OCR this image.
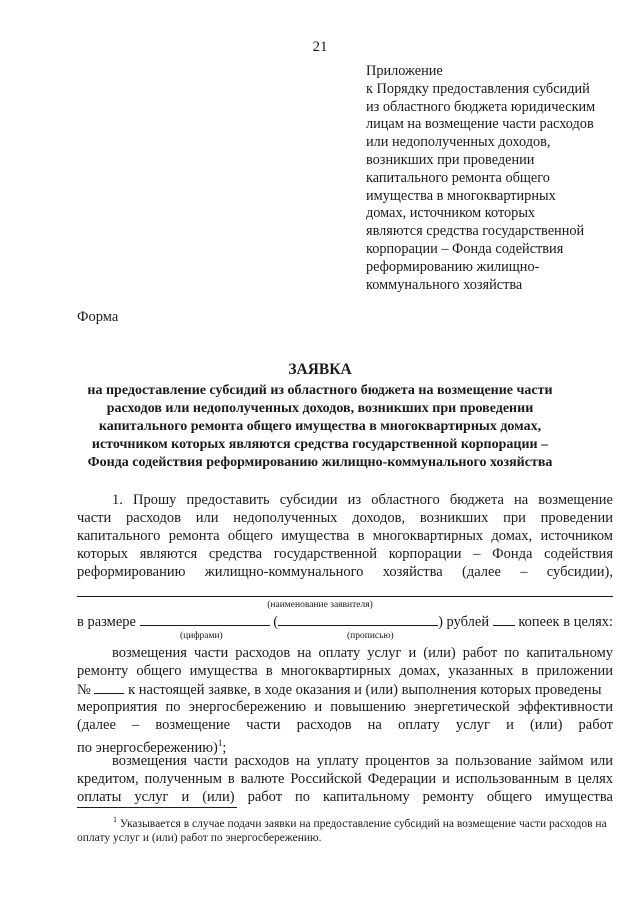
21
Приложение
к Порядку предоставления субсидий
из областного бюджета юридическим
лицам на возмещение части расходов
или недополученных доходов,
возникших при проведении
капитального ремонта общего
имущества в многоквартирных
домах, источником которых
являются средства государственной
корпорации – Фонда содействия
реформированию жилищно-
коммунального хозяйства
Форма
ЗАЯВКА
на предоставление субсидий из областного бюджета на возмещение части
расходов или недополученных доходов, возникших при проведении
капитального ремонта общего имущества в многоквартирных домах,
источником которых являются средства государственной корпорации –
Фонда содействия реформированию жилищно-коммунального хозяйства
1. Прошу предоставить субсидии из областного бюджета на возмещение
части расходов или недополученных доходов, возникших при проведении
капитального ремонта общего имущества в многоквартирных домах, источником
которых являются средства государственной корпорации – Фонда содействия
реформированию жилищно-коммунального хозяйства (далее – субсидии),
(наименование заявителя)
в размере	(	) рублей копеек в целях:
(цифрами)	(прописью)
возмещения части расходов на оплату услуг и (или) работ по капитальному
ремонту общего имущества в многоквартирных домах, указанных в приложении
№	к настоящей заявке, в ходе оказания и (или) выполнения которых проведены
мероприятия по энергосбережению и повышению энергетической эффективности
(далее – возмещение части расходов на оплату услуг и (или) работ
по энергосбережению)$^1$;
возмещения части расходов на уплату процентов за пользование займом или
кредитом, полученным в валюте Российской Федерации и использованным в целях
оплаты услуг и (или) работ по капитальному ремонту общего имущества
$^1$ Указывается в случае подачи заявки на предоставление субсидий на возмещение части расходов на оплату услуг и (или) работ по энергосбережению.
